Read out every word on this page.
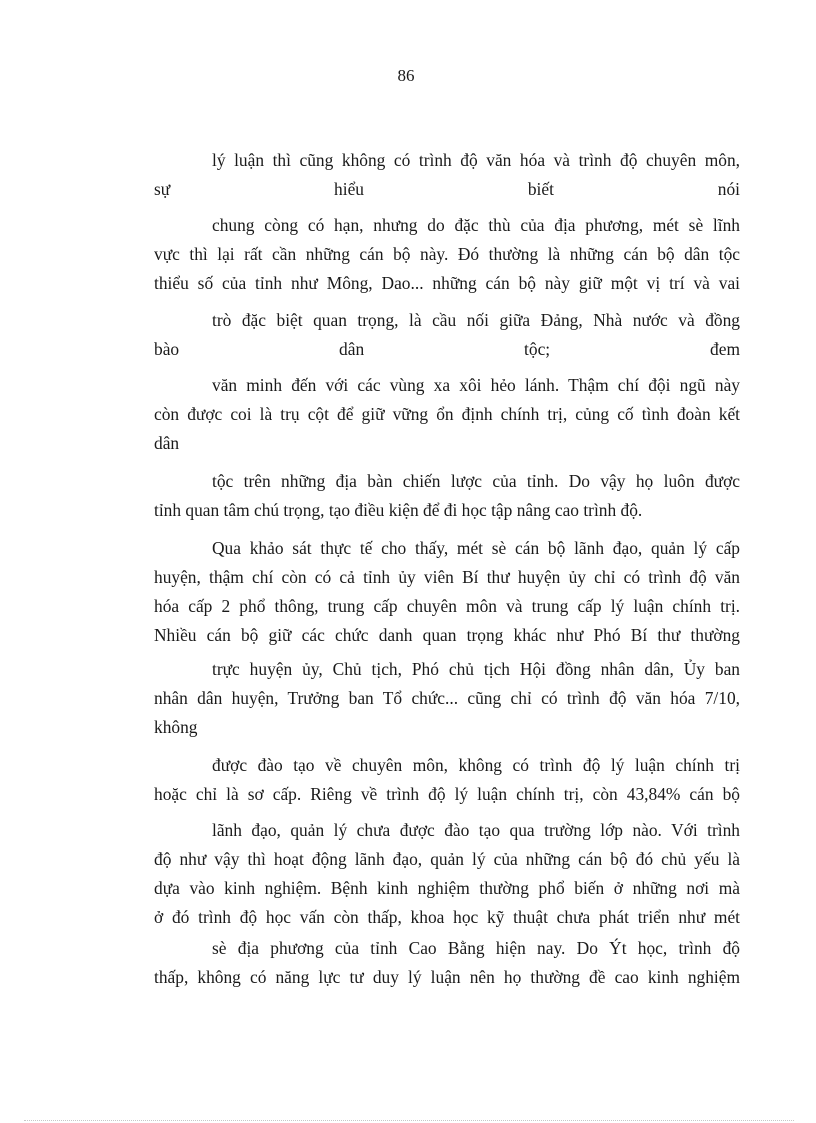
86
lý luận thì cũng không có trình độ văn hóa và trình độ chuyên môn,
sự hiểu biết nói
chung còng có hạn, nhưng do đặc thù của địa phương, mét sè lĩnh
vực thì lại rất cần những cán bộ này. Đó thường là những cán bộ dân tộc
thiểu số của tỉnh như Mông, Dao... những cán bộ này giữ một vị trí và vai
trò đặc biệt quan trọng, là cầu nối giữa Đảng, Nhà nước và đồng
bào dân tộc; đem
văn minh đến với các vùng xa xôi hẻo lánh. Thậm chí đội ngũ này
còn được coi là trụ cột để giữ vững ổn định chính trị, củng cố tình đoàn kết
dân
tộc trên những địa bàn chiến lược của tỉnh. Do vậy họ luôn được
tỉnh quan tâm chú trọng, tạo điều kiện để đi học tập nâng cao trình độ.
Qua khảo sát thực tế cho thấy, mét sè cán bộ lãnh đạo, quản lý cấp
huyện, thậm chí còn có cả tỉnh ủy viên Bí thư huyện ủy chỉ có trình độ văn
hóa cấp 2 phổ thông, trung cấp chuyên môn và trung cấp lý luận chính trị.
Nhiều cán bộ giữ các chức danh quan trọng khác như Phó Bí thư thường
trực huyện ủy, Chủ tịch, Phó chủ tịch Hội đồng nhân dân, Ủy ban
nhân dân huyện, Trưởng ban Tổ chức... cũng chỉ có trình độ văn hóa 7/10,
không
được đào tạo về chuyên môn, không có trình độ lý luận chính trị
hoặc chỉ là sơ cấp. Riêng về trình độ lý luận chính trị, còn 43,84% cán bộ
lãnh đạo, quản lý chưa được đào tạo qua trường lớp nào. Với trình
độ như vậy thì hoạt động lãnh đạo, quản lý của những cán bộ đó chủ yếu là
dựa vào kinh nghiệm. Bệnh kinh nghiệm thường phổ biến ở những nơi mà
ở đó trình độ học vấn còn thấp, khoa học kỹ thuật chưa phát triển như mét
sè địa phương của tỉnh Cao Bằng hiện nay. Do Ýt học, trình độ
thấp, không có năng lực tư duy lý luận nên họ thường đề cao kinh nghiệm
